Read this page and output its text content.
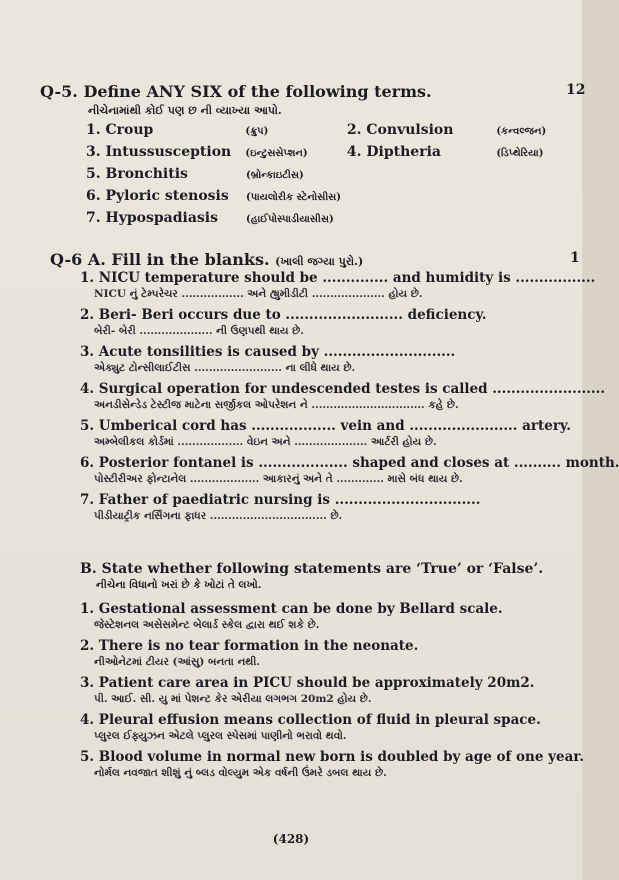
Q-5. Define ANY SIX of the following terms.	12
નીચેનામાંથી કોઈ પણ છ ની વ્યાખ્યા આપો.
1. Croup	(ક્રુપ)	2. Convulsion	(કન્વલ્જન)
3. Intussusception	(ઇન્ટુસસેપ્શન)	4. Diptheria	(ડિપ્થેરિયા)
5. Bronchitis	(બ્રોન્કાઇટીસ)
6. Pyloric stenosis	(પાયલોરીક સ્ટેનોસીસ)
7. Hypospadiasis	(હાઈપોસ્પાડીયાસીસ)
Q-6 A. Fill in the blanks. (ખાલી જગ્યા પુરો.)	1
1. NICU temperature should be .............. and humidity is .................
NICU નું ટેમ્પરેચર ................. અને હ્યુમીડીટી .................... હોય છે.
2. Beri- Beri occurs due to ......................... deficiency.
બેરી- બેરી .................... ની ઉણપથી થાય છે.
3. Acute tonsilities is caused by ............................
એક્યુટ ટોન્સીલાઈટીસ ........................ ના લીધે થાય છે.
4. Surgical operation for undescended testes is called ........................
અનડીસેન્ડેડ ટેસ્ટીજ માટેના સર્જીકલ ઓપરેશન ને ............................... કહે છે.
5. Umberical cord has .................. vein and ....................... artery.
અમ્બેલીકલ કોર્ડમાં .................. વેઇન અને .................... આર્ટરી હોય છે.
6. Posterior fontanel is ................... shaped and closes at .......... month.
પોસ્ટીરીઅર ફોન્ટાનેલ ................... આકારનું અને તે ............. માસે બંધ થાય છે.
7. Father of paediatric nursing is ...............................
પીડીયાટ્રીક નર્સિંગના ફાધર ................................ છે.
B. State whether following statements are ‘True’ or ‘False’.
નીચેના વિધાનો ખરાં છે કે ખોટાં તે લખો.
1. Gestational assessment can be done by Bellard scale.
જેસ્ટેશનલ અસેસમેન્ટ બેલાર્ડ સ્કેલ દ્વારા થઈ શકે છે.
2. There is no tear formation in the neonate.
નીઓનેટમાં ટીયર (આંસુ) બનતા નથી.
3. Patient care area in PICU should be approximately 20m2.
પી. આઈ. સી. યુ માં પેશન્ટ કેર એરીયા લગભગ 20m2 હોય છે.
4. Pleural effusion means collection of fluid in pleural space.
પ્લુરલ ઈફ્યુઝન એટલે પ્લુરલ સ્પેસમાં પાણીનો ભરાવો થવો.
5. Blood volume in normal new born is doubled by age of one year.
નોર્મલ નવજાત શીશું નું બ્લડ વોલ્યુમ એક વર્ષની ઉંમરે ડબલ થાય છે.
(428)
